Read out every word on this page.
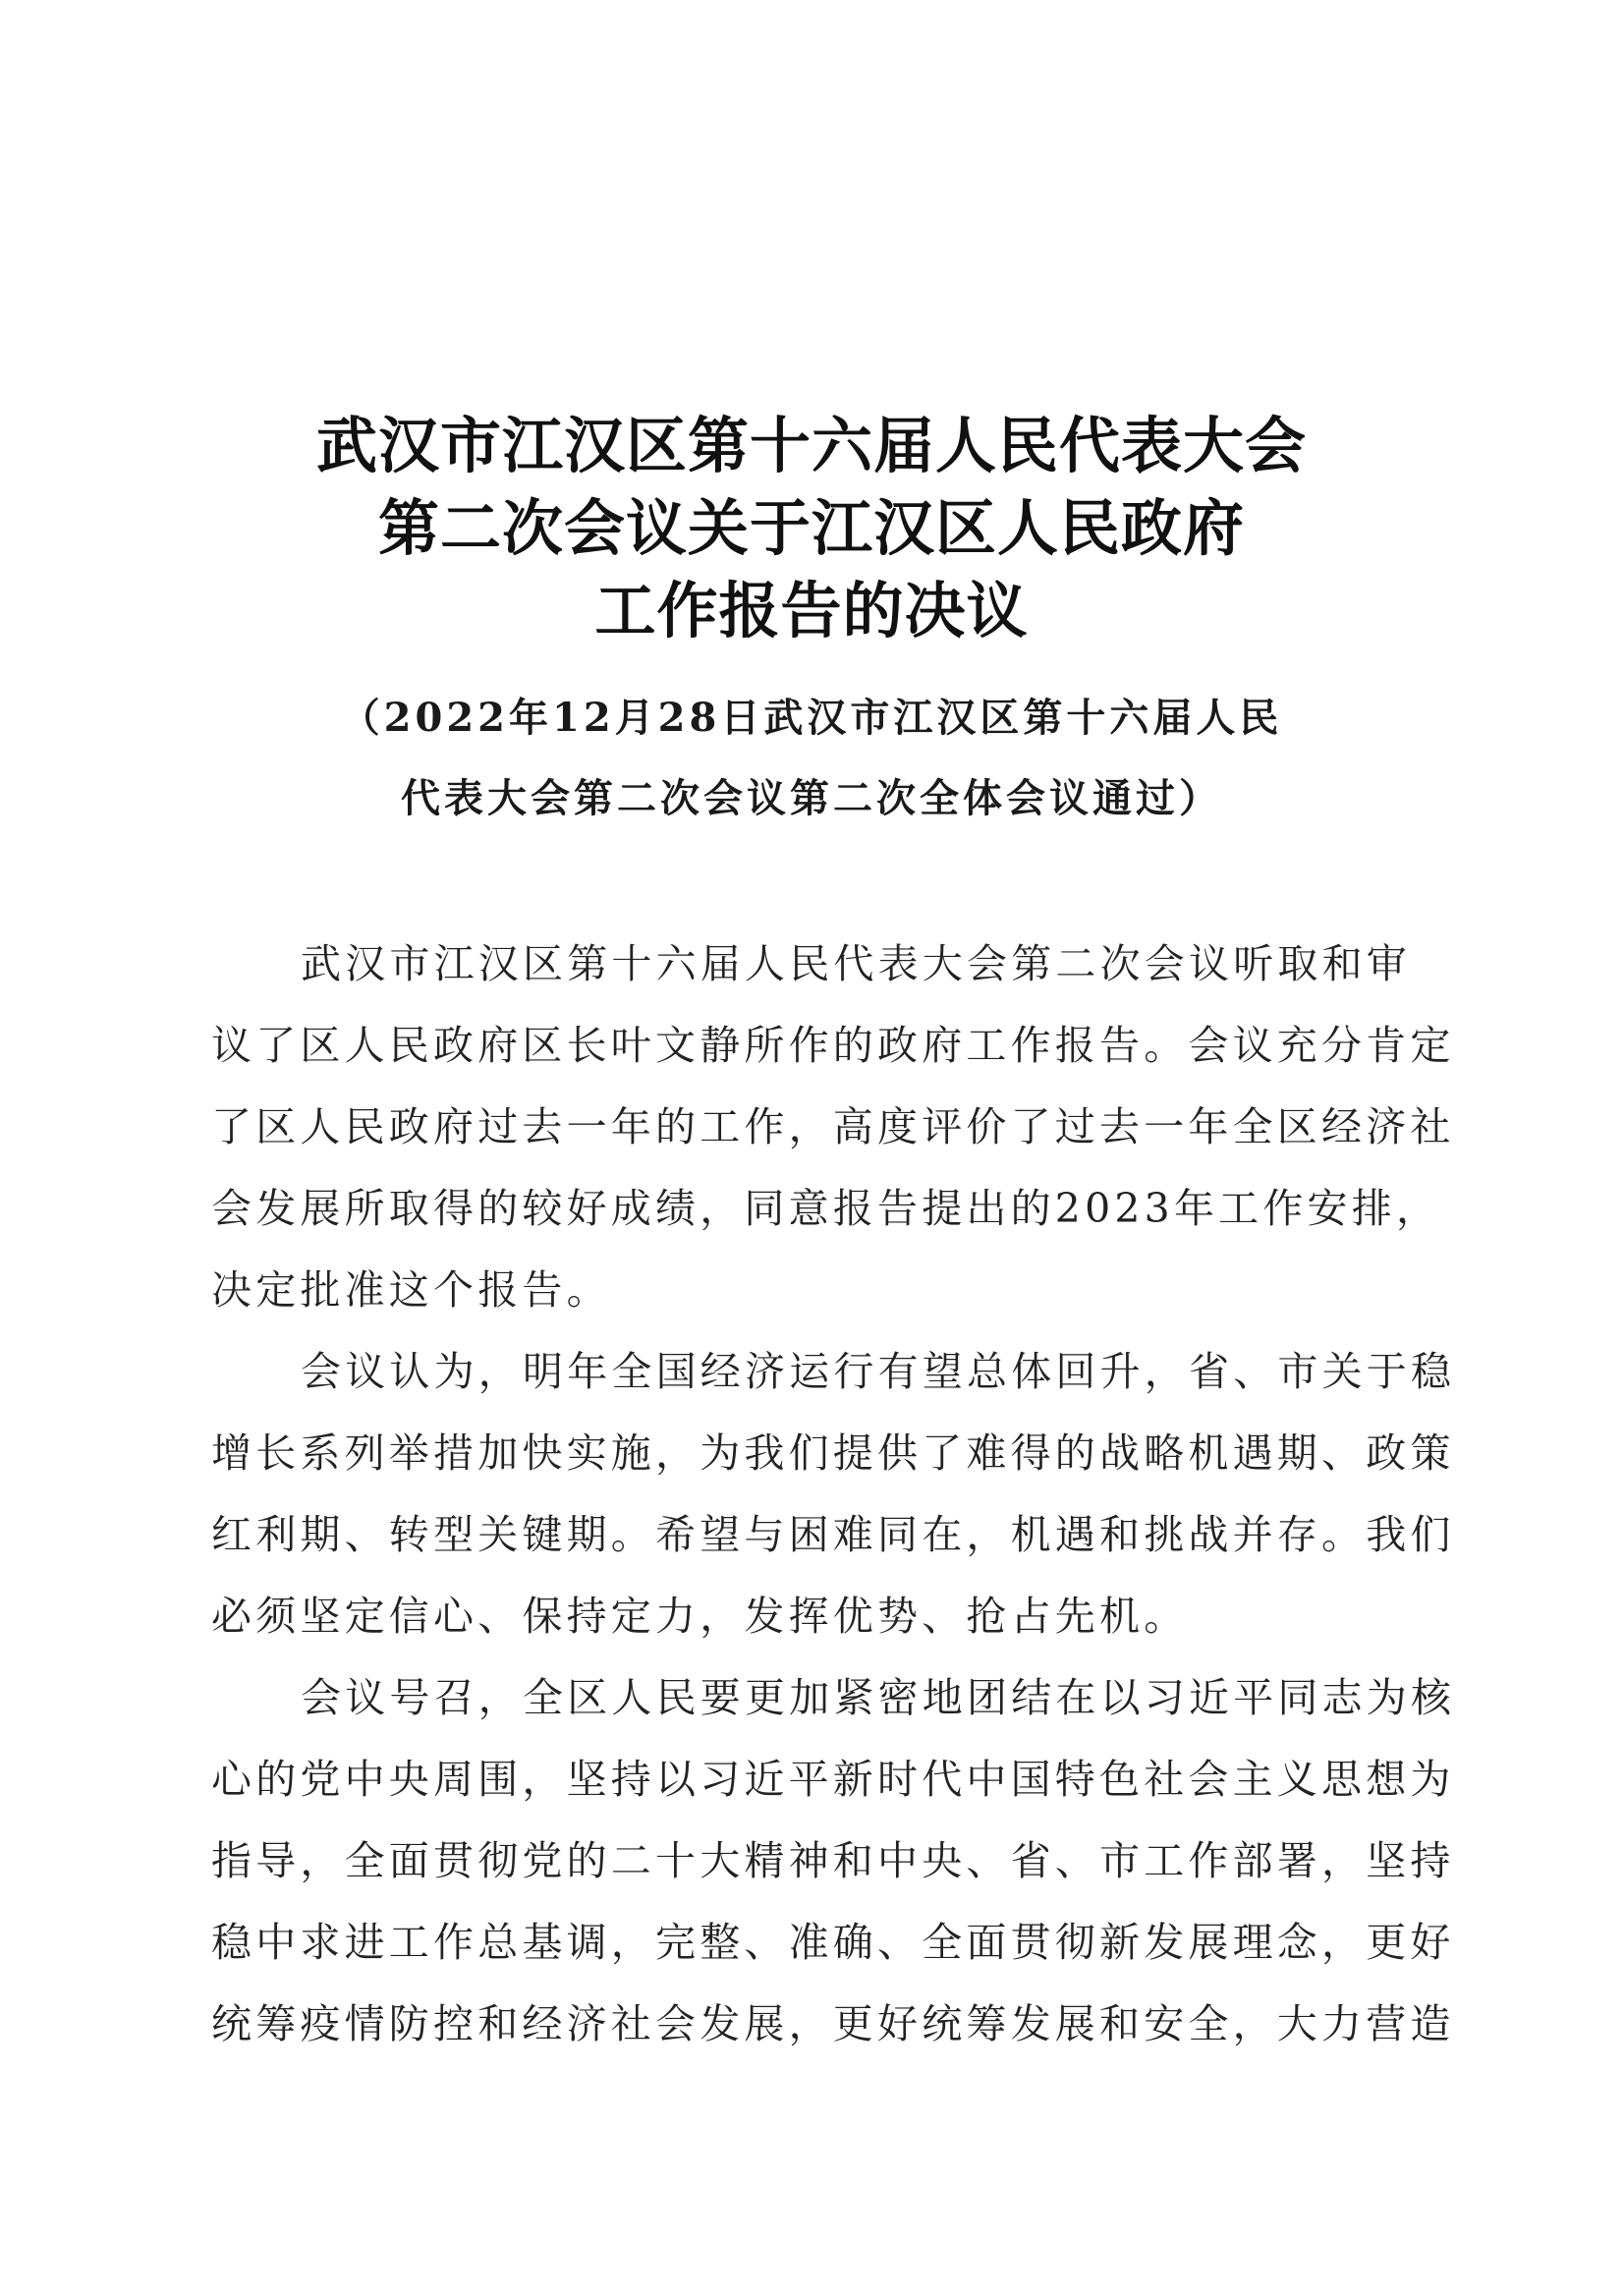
武汉市江汉区第十六届人民代表大会
第二次会议关于江汉区人民政府
工作报告的决议
（2022年12月28日武汉市江汉区第十六届人民
代表大会第二次会议第二次全体会议通过）
武汉市江汉区第十六届人民代表大会第二次会议听取和审
议了区人民政府区长叶文静所作的政府工作报告。会议充分肯定
了区人民政府过去一年的工作，高度评价了过去一年全区经济社
会发展所取得的较好成绩，同意报告提出的2023年工作安排，
决定批准这个报告。
会议认为，明年全国经济运行有望总体回升，省、市关于稳
增长系列举措加快实施，为我们提供了难得的战略机遇期、政策
红利期、转型关键期。希望与困难同在，机遇和挑战并存。我们
必须坚定信心、保持定力，发挥优势、抢占先机。
会议号召，全区人民要更加紧密地团结在以习近平同志为核
心的党中央周围，坚持以习近平新时代中国特色社会主义思想为
指导，全面贯彻党的二十大精神和中央、省、市工作部署，坚持
稳中求进工作总基调，完整、准确、全面贯彻新发展理念，更好
统筹疫情防控和经济社会发展，更好统筹发展和安全，大力营造
